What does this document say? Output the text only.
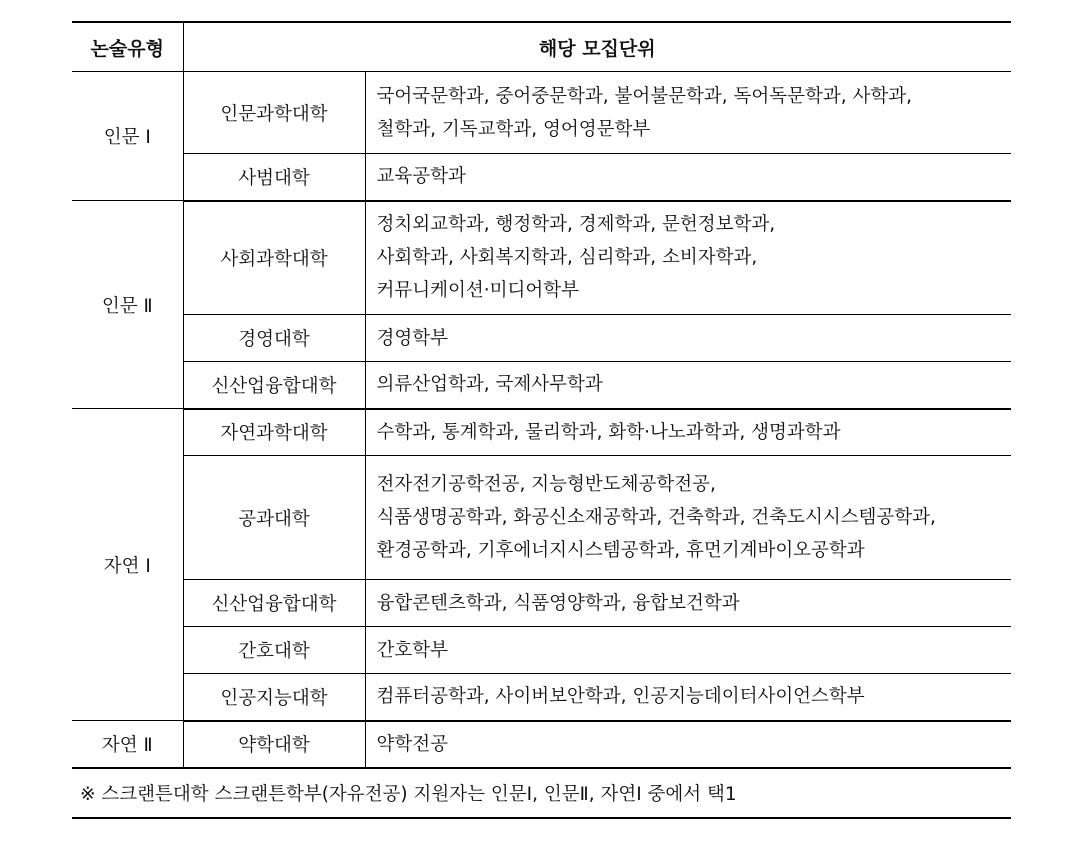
논술유형	해당 모집단위	
인문 Ⅰ	인문과학대학	국어국문학과, 중어중문학과, 불어불문학과, 독어독문학과, 사학과,
철학과, 기독교학과, 영어영문학부

	사범대학	교육공학과

인문 Ⅱ	사회과학대학	정치외교학과, 행정학과, 경제학과, 문헌정보학과,
사회학과, 사회복지학과, 심리학과, 소비자학과,
커뮤니케이션·미디어학부

	경영대학	경영학부

	신산업융합대학	의류산업학과, 국제사무학과

자연 Ⅰ	자연과학대학	수학과, 통계학과, 물리학과, 화학·나노과학과, 생명과학과

	공과대학	전자전기공학전공, 지능형반도체공학전공,
식품생명공학과, 화공신소재공학과, 건축학과, 건축도시시스템공학과,
환경공학과, 기후에너지시스템공학과, 휴먼기계바이오공학과

	신산업융합대학	융합콘텐츠학과, 식품영양학과, 융합보건학과

	간호대학	간호학부

	인공지능대학	컴퓨터공학과, 사이버보안학과, 인공지능데이터사이언스학부

자연 Ⅱ	약학대학	약학전공

※ 스크랜튼대학 스크랜튼학부(자유전공) 지원자는 인문Ⅰ, 인문Ⅱ, 자연Ⅰ 중에서 택1		
